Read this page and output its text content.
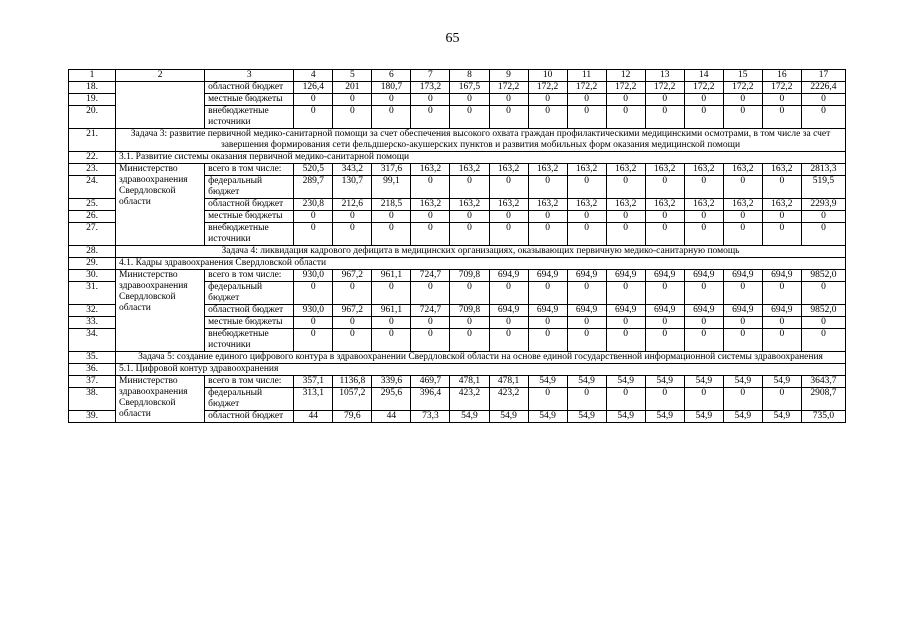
65
1	2	3	4	5	6	7	8	9	10	11	12	13	14	15	16	17
18.		областной бюджет	126,4	201	180,7	173,2	167,5	172,2	172,2	172,2	172,2	172,2	172,2	172,2	172,2	2226,4
19.		местные бюджеты	0	0	0	0	0	0	0	0	0	0	0	0	0	0
20.		внебюджетные источники	0	0	0	0	0	0	0	0	0	0	0	0	0	0
21.	Задача 3: развитие первичной медико-санитарной помощи за счет обеспечения высокого охвата граждан профилактическими медицинскими осмотрами, в том числе за счет завершения формирования сети фельдшерско-акушерских пунктов и развития мобильных форм оказания медицинской помощи															
22.	3.1. Развитие системы оказания первичной медико-санитарной помощи															
23.	Министерство здравоохранения Свердловской области	всего в том числе:	520,5	343,2	317,6	163,2	163,2	163,2	163,2	163,2	163,2	163,2	163,2	163,2	163,2	2813,3
24.		федеральный бюджет	289,7	130,7	99,1	0	0	0	0	0	0	0	0	0	0	519,5
25.		областной бюджет	230,8	212,6	218,5	163,2	163,2	163,2	163,2	163,2	163,2	163,2	163,2	163,2	163,2	2293,9
26.		местные бюджеты	0	0	0	0	0	0	0	0	0	0	0	0	0	0
27.		внебюджетные источники	0	0	0	0	0	0	0	0	0	0	0	0	0	0
28.	Задача 4: ликвидация кадрового дефицита в медицинских организациях, оказывающих первичную медико-санитарную помощь															
29.	4.1. Кадры здравоохранения Свердловской области															
30.	Министерство здравоохранения Свердловской области	всего в том числе:	930,0	967,2	961,1	724,7	709,8	694,9	694,9	694,9	694,9	694,9	694,9	694,9	694,9	9852,0
31.		федеральный бюджет	0	0	0	0	0	0	0	0	0	0	0	0	0	0
32.		областной бюджет	930,0	967,2	961,1	724,7	709,8	694,9	694,9	694,9	694,9	694,9	694,9	694,9	694,9	9852,0
33.		местные бюджеты	0	0	0	0	0	0	0	0	0	0	0	0	0	0
34.		внебюджетные источники	0	0	0	0	0	0	0	0	0	0	0	0	0	0
35.	Задача 5: создание единого цифрового контура в здравоохранении Свердловской области на основе единой государственной информационной системы здравоохранения															
36.	5.1. Цифровой контур здравоохранения															
37.	Министерство здравоохранения Свердловской области	всего в том числе:	357,1	1136,8	339,6	469,7	478,1	478,1	54,9	54,9	54,9	54,9	54,9	54,9	54,9	3643,7
38.		федеральный бюджет	313,1	1057,2	295,6	396,4	423,2	423,2	0	0	0	0	0	0	0	2908,7
39.		областной бюджет	44	79,6	44	73,3	54,9	54,9	54,9	54,9	54,9	54,9	54,9	54,9	54,9	735,0
